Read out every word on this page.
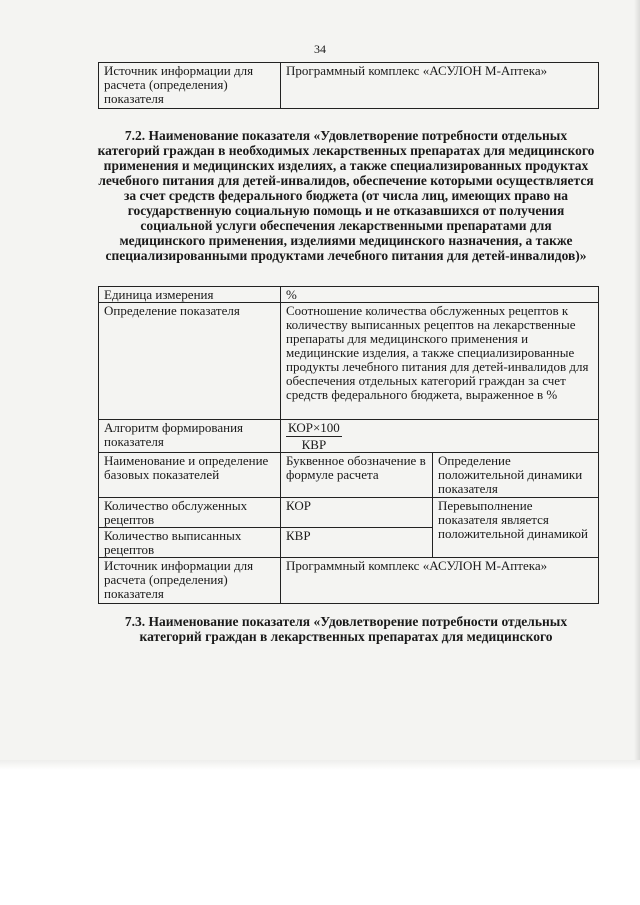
34
Источник информации для расчета (определения) показателя	Программный комплекс «АСУЛОН М-Аптека»
7.2. Наименование показателя «Удовлетворение потребности отдельных категорий граждан в необходимых лекарственных препаратах для медицинского применения и медицинских изделиях, а также специализированных продуктах лечебного питания для детей-инвалидов, обеспечение которыми осуществляется за счет средств федерального бюджета (от числа лиц, имеющих право на государственную социальную помощь и не отказавшихся от получения социальной услуги обеспечения лекарственными препаратами для медицинского применения, изделиями медицинского назначения, а также специализированными продуктами лечебного питания для детей-инвалидов)»
Единица измерения	%	
Определение показателя	Соотношение количества обслуженных рецептов к количеству выписанных рецептов на лекарственные препараты для медицинского применения и медицинские изделия, а также специализированные продукты лечебного питания для детей-инвалидов для обеспечения отдельных категорий граждан за счет средств федерального бюджета, выраженное в %	
Алгоритм формирования показателя	$\frac{\text{КОР×100}}{\text{КВР}}$

Наименование и определение базовых показателей	Буквенное обозначение в формуле расчета	Определение положительной динамики показателя
Количество обслуженных рецептов	КОР	Перевыполнение показателя является положительной динамикой
Количество выписанных рецептов	КВР	
Источник информации для расчета (определения) показателя	Программный комплекс «АСУЛОН М-Аптека»	
7.3. Наименование показателя «Удовлетворение потребности отдельных категорий граждан в лекарственных препаратах для медицинского
